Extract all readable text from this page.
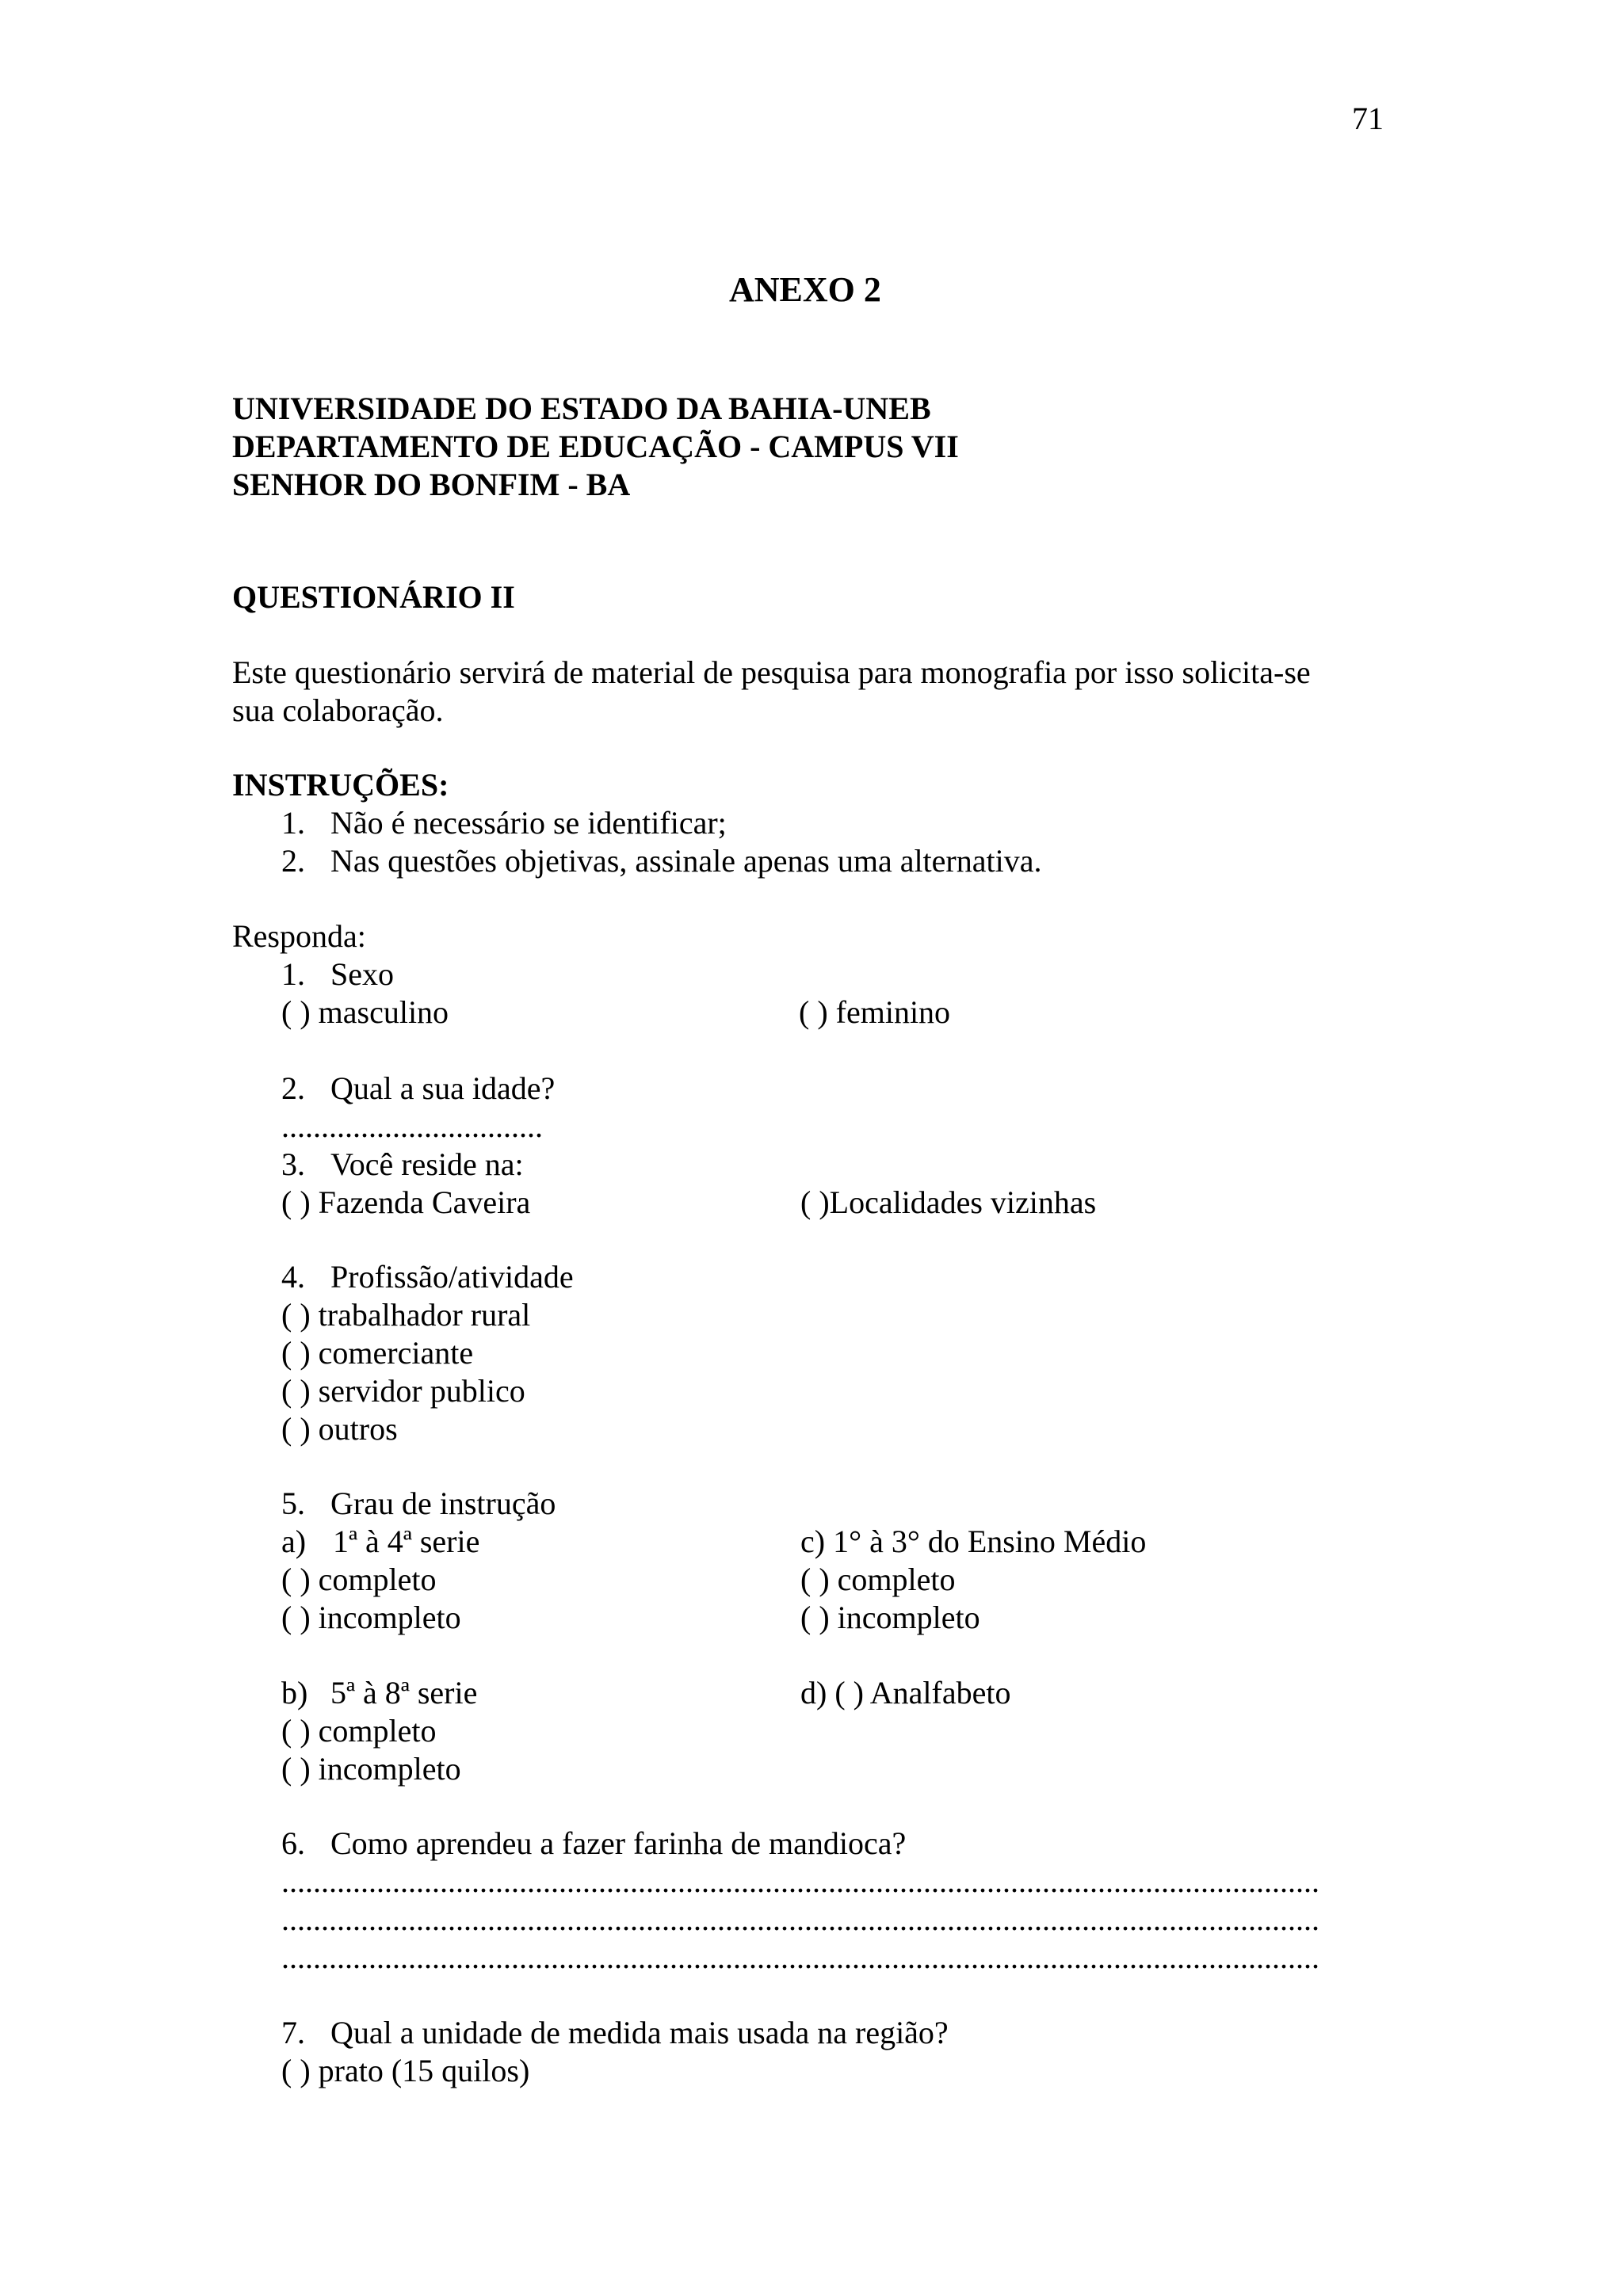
71
ANEXO 2
UNIVERSIDADE DO ESTADO DA BAHIA-UNEB
DEPARTAMENTO DE EDUCAÇÃO - CAMPUS VII
SENHOR DO BONFIM - BA
QUESTIONÁRIO II
Este questionário servirá de material de pesquisa para monografia por isso solicita-se
sua colaboração.
INSTRUÇÕES:
1. Não é necessário se identificar;
2. Nas questões objetivas, assinale apenas uma alternativa.
Responda:
1. Sexo
( ) masculino	( ) feminino
2. Qual a sua idade?
.................................
3. Você reside na:
( ) Fazenda Caveira	( )Localidades vizinhas
4. Profissão/atividade
( ) trabalhador rural
( ) comerciante
( ) servidor publico
( ) outros
5. Grau de instrução
a) 1ª à 4ª serie	c) 1° à 3° do Ensino Médio
( ) completo	( ) completo
( ) incompleto	( ) incompleto
b) 5ª à 8ª serie	d) ( ) Analfabeto
( ) completo
( ) incompleto
6. Como aprendeu a fazer farinha de mandioca?
...................................................................................................................................
...................................................................................................................................
...................................................................................................................................
7. Qual a unidade de medida mais usada na região?
( ) prato (15 quilos)
